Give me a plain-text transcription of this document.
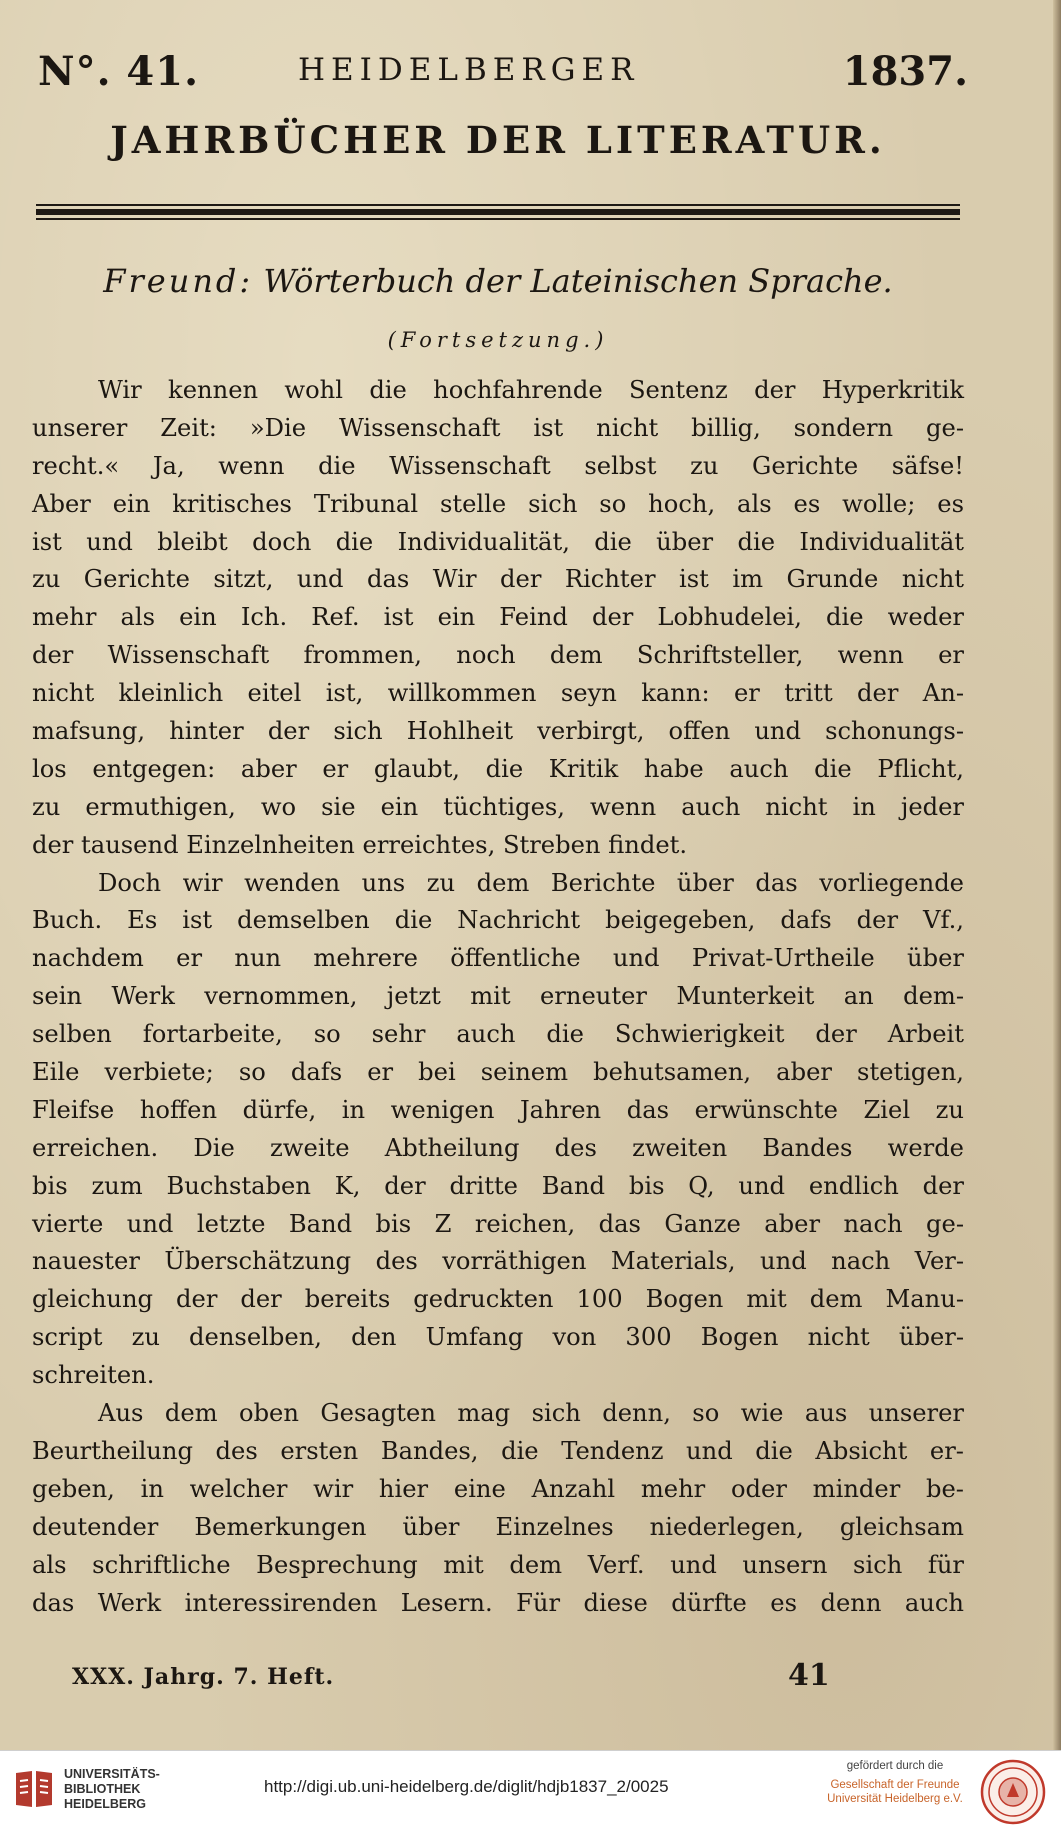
N°. 41.	HEIDELBERGER	1837.
JAHRBÜCHER DER LITERATUR.
Freund: Wörterbuch der Lateinischen Sprache.
(Fortsetzung.)
Wir kennen wohl die hochfahrende Sentenz der Hyperkritik
unserer Zeit: »Die Wissenschaft ist nicht billig, sondern ge-
recht.« Ja, wenn die Wissenschaft selbst zu Gerichte säfse!
Aber ein kritisches Tribunal stelle sich so hoch, als es wolle; es
ist und bleibt doch die Individualität, die über die Individualität
zu Gerichte sitzt, und das Wir der Richter ist im Grunde nicht
mehr als ein Ich. Ref. ist ein Feind der Lobhudelei, die weder
der Wissenschaft frommen, noch dem Schriftsteller, wenn er
nicht kleinlich eitel ist, willkommen seyn kann: er tritt der An-
mafsung, hinter der sich Hohlheit verbirgt, offen und schonungs-
los entgegen: aber er glaubt, die Kritik habe auch die Pflicht,
zu ermuthigen, wo sie ein tüchtiges, wenn auch nicht in jeder
der tausend Einzelnheiten erreichtes, Streben findet.
Doch wir wenden uns zu dem Berichte über das vorliegende
Buch. Es ist demselben die Nachricht beigegeben, dafs der Vf.,
nachdem er nun mehrere öffentliche und Privat-Urtheile über
sein Werk vernommen, jetzt mit erneuter Munterkeit an dem-
selben fortarbeite, so sehr auch die Schwierigkeit der Arbeit
Eile verbiete; so dafs er bei seinem behutsamen, aber stetigen,
Fleifse hoffen dürfe, in wenigen Jahren das erwünschte Ziel zu
erreichen. Die zweite Abtheilung des zweiten Bandes werde
bis zum Buchstaben K, der dritte Band bis Q, und endlich der
vierte und letzte Band bis Z reichen, das Ganze aber nach ge-
nauester Überschätzung des vorräthigen Materials, und nach Ver-
gleichung der der bereits gedruckten 100 Bogen mit dem Manu-
script zu denselben, den Umfang von 300 Bogen nicht über-
schreiten.
Aus dem oben Gesagten mag sich denn, so wie aus unserer
Beurtheilung des ersten Bandes, die Tendenz und die Absicht er-
geben, in welcher wir hier eine Anzahl mehr oder minder be-
deutender Bemerkungen über Einzelnes niederlegen, gleichsam
als schriftliche Besprechung mit dem Verf. und unsern sich für
das Werk interessirenden Lesern. Für diese dürfte es denn auch
XXX. Jahrg. 7. Heft.	41
UNIVERSITÄTS-
BIBLIOTHEK
HEIDELBERG
http://digi.ub.uni-heidelberg.de/diglit/hdjb1837_2/0025
gefördert durch die
Gesellschaft der Freunde
Universität Heidelberg e.V.
